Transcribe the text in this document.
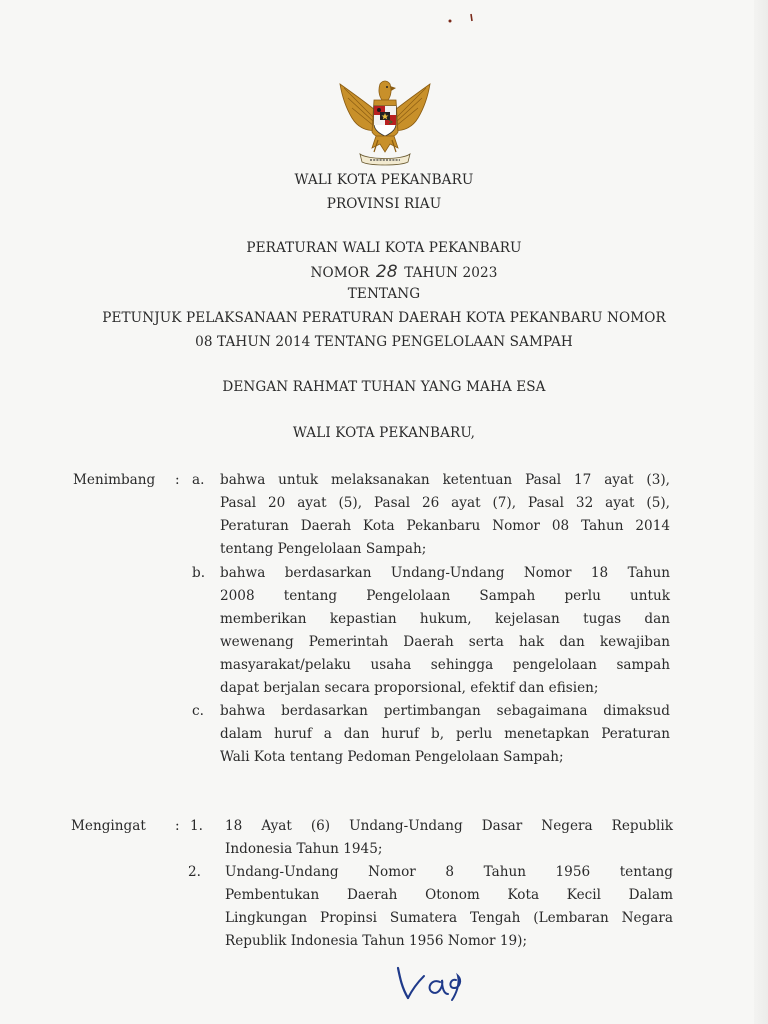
WALI KOTA PEKANBARU
PROVINSI RIAU
PERATURAN WALI KOTA PEKANBARU
NOMOR 28 TAHUN 2023
TENTANG
PETUNJUK PELAKSANAAN PERATURAN DAERAH KOTA PEKANBARU NOMOR
08 TAHUN 2014 TENTANG PENGELOLAAN SAMPAH
DENGAN RAHMAT TUHAN YANG MAHA ESA
WALI KOTA PEKANBARU,
Menimbang : a. bahwa untuk melaksanakan ketentuan Pasal 17 ayat (3),
Pasal 20 ayat (5), Pasal 26 ayat (7), Pasal 32 ayat (5),
Peraturan Daerah Kota Pekanbaru Nomor 08 Tahun 2014
tentang Pengelolaan Sampah;
b. bahwa berdasarkan Undang-Undang Nomor 18 Tahun
2008 tentang Pengelolaan Sampah perlu untuk
memberikan kepastian hukum, kejelasan tugas dan
wewenang Pemerintah Daerah serta hak dan kewajiban
masyarakat/pelaku usaha sehingga pengelolaan sampah
dapat berjalan secara proporsional, efektif dan efisien;
c. bahwa berdasarkan pertimbangan sebagaimana dimaksud
dalam huruf a dan huruf b, perlu menetapkan Peraturan
Wali Kota tentang Pedoman Pengelolaan Sampah;
Mengingat : 1. 18 Ayat (6) Undang-Undang Dasar Negera Republik
Indonesia Tahun 1945;
2. Undang-Undang Nomor 8 Tahun 1956 tentang
Pembentukan Daerah Otonom Kota Kecil Dalam
Lingkungan Propinsi Sumatera Tengah (Lembaran Negara
Republik Indonesia Tahun 1956 Nomor 19);
